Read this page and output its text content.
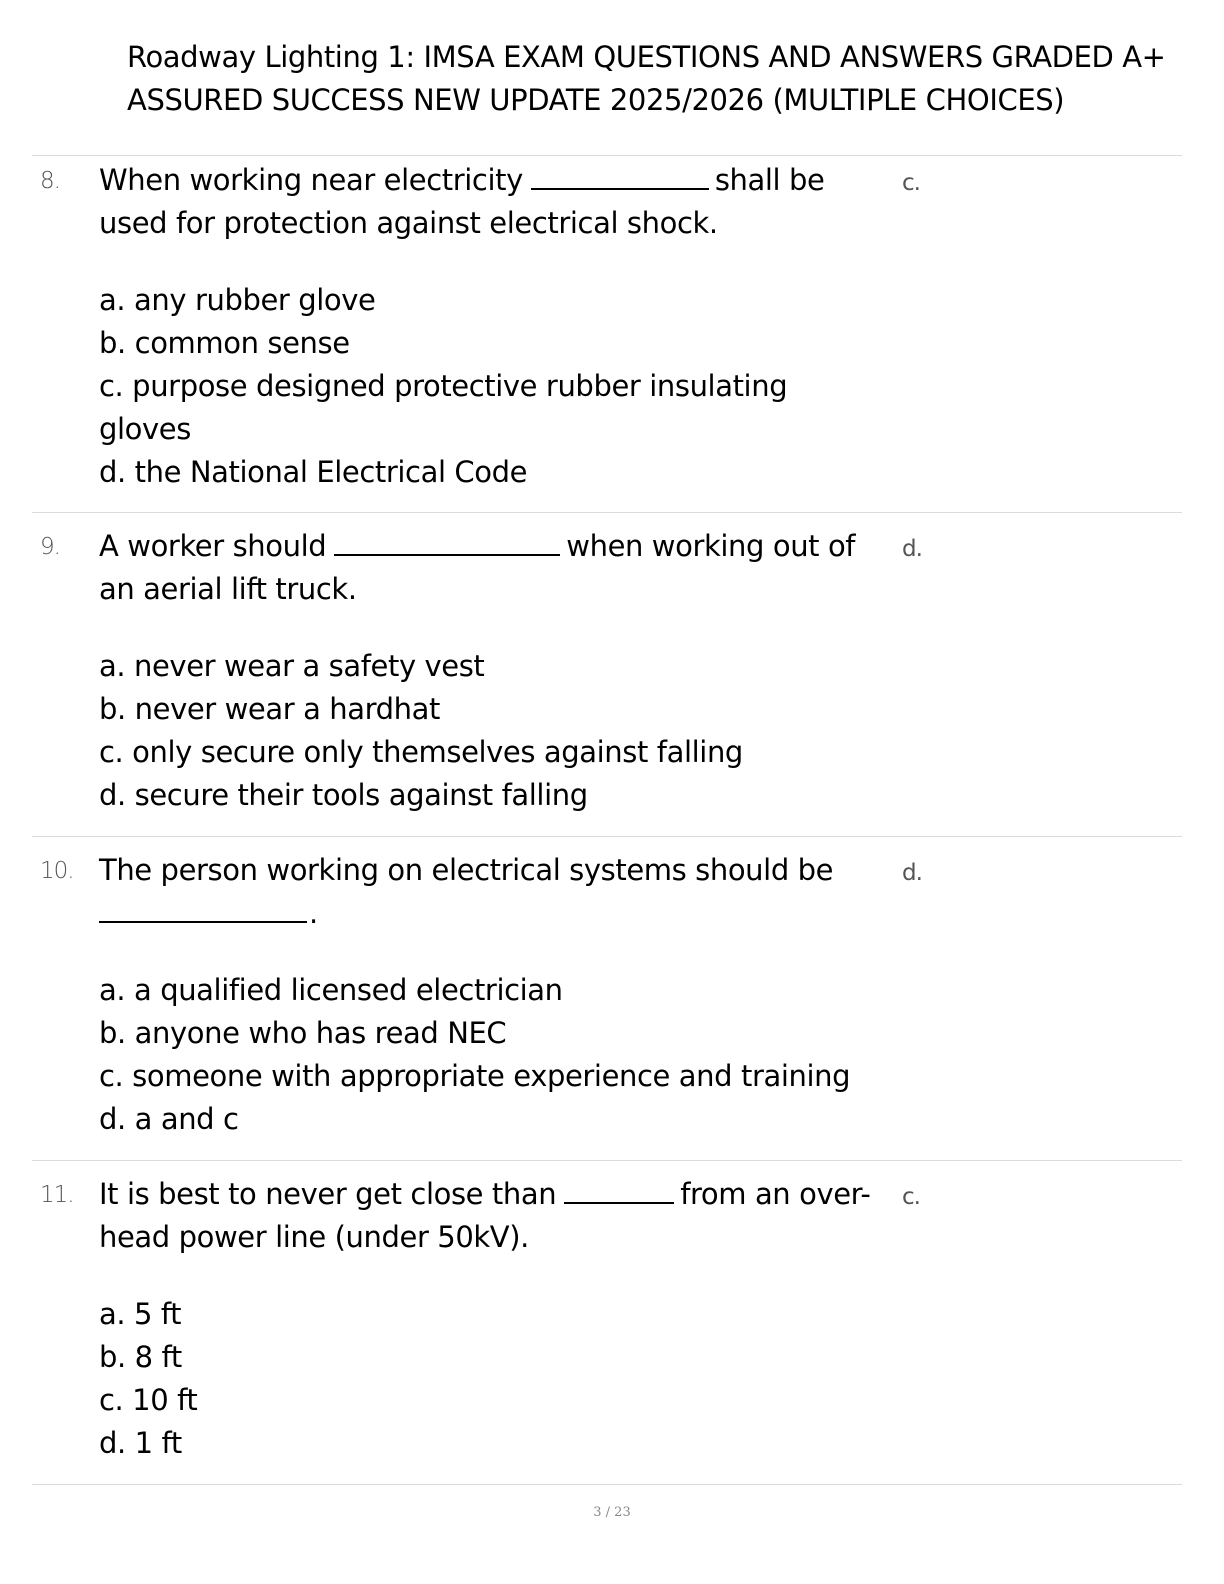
Roadway Lighting 1: IMSA EXAM QUESTIONS AND ANSWERS GRADED A+
ASSURED SUCCESS NEW UPDATE 2025/2026 (MULTIPLE CHOICES)
8.	c.
When working near electricity	shall be
used for protection against electrical shock.
a. any rubber glove
b. common sense
c. purpose designed protective rubber insulating
gloves
d. the National Electrical Code
9.	d.
A worker should	when working out of
an aerial lift truck.
a. never wear a safety vest
b. never wear a hardhat
c. only secure only themselves against falling
d. secure their tools against falling
10.	d.
The person working on electrical systems should be
.
a. a qualified licensed electrician
b. anyone who has read NEC
c. someone with appropriate experience and training
d. a and c
11.	c.
It is best to never get close than	from an over-
head power line (under 50kV).
a. 5 ft
b. 8 ft
c. 10 ft
d. 1 ft
3 / 23
